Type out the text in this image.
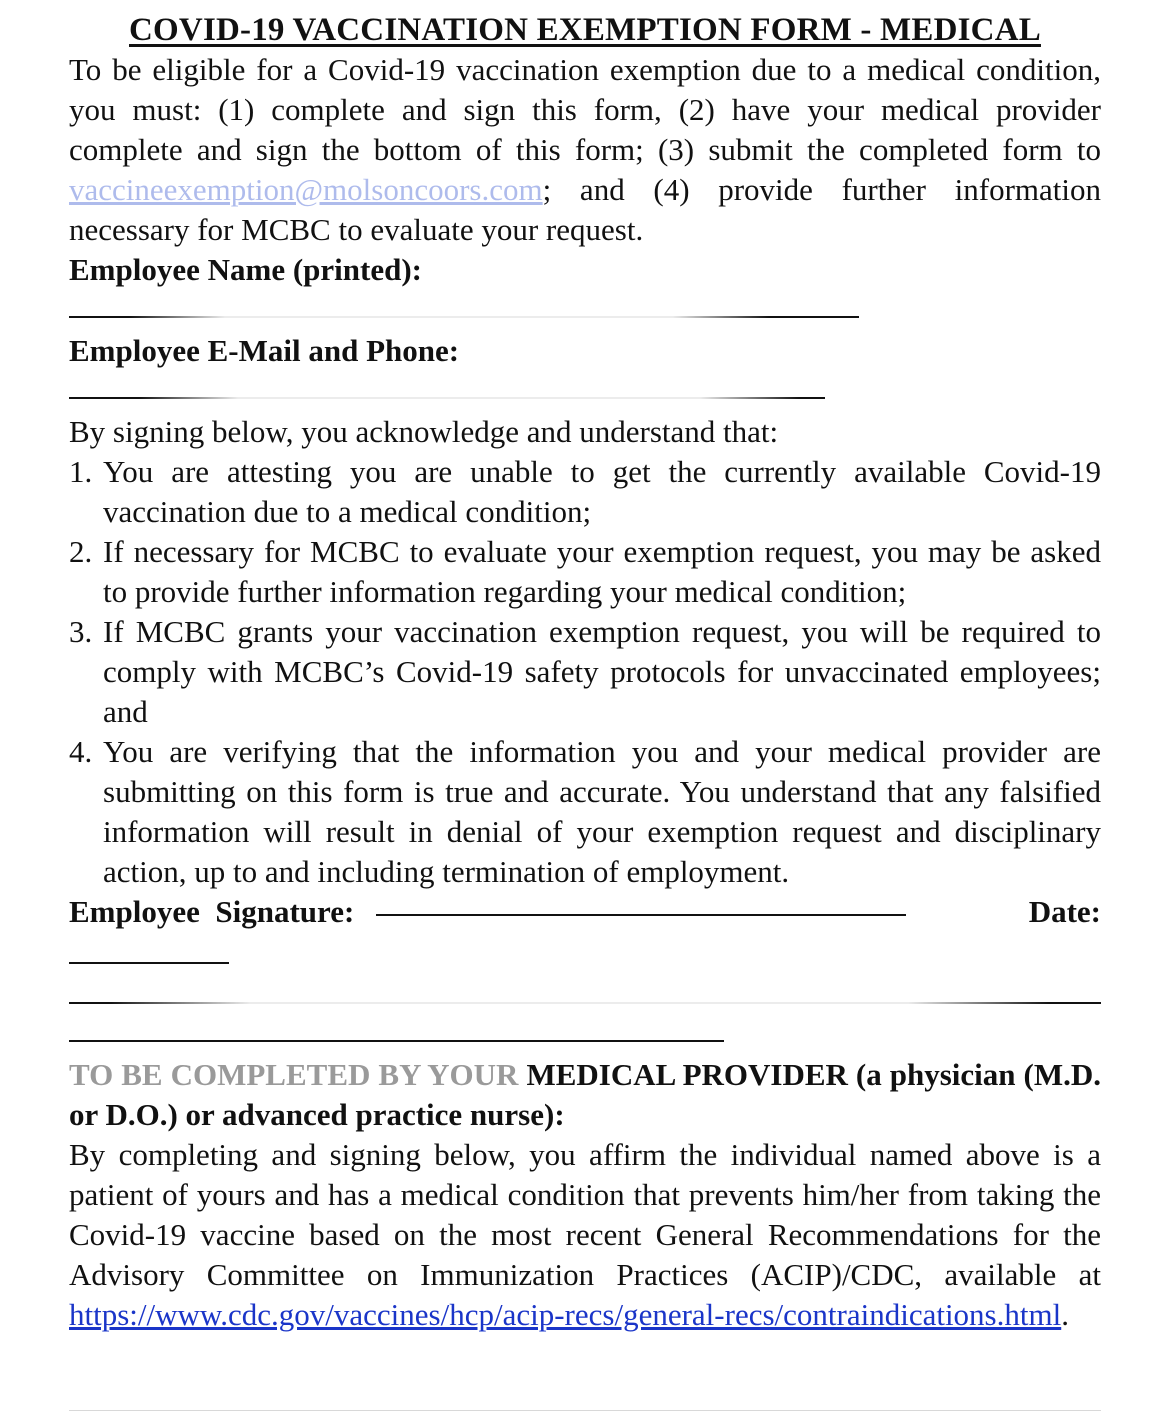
COVID-19 VACCINATION EXEMPTION FORM - MEDICAL
To be eligible for a Covid-19 vaccination exemption due to a medical condition, you must: (1) complete and sign this form, (2) have your medical provider complete and sign the bottom of this form; (3) submit the completed form to vaccineexemption@molsoncoors.com; and (4) provide further information necessary for MCBC to evaluate your request.
Employee Name (printed):
Employee E-Mail and Phone:
By signing below, you acknowledge and understand that:
1. You are attesting you are unable to get the currently available Covid-19 vaccination due to a medical condition;
2. If necessary for MCBC to evaluate your exemption request, you may be asked to provide further information regarding your medical condition;
3. If MCBC grants your vaccination exemption request, you will be required to comply with MCBC’s Covid-19 safety protocols for unvaccinated employees; and
4. You are verifying that the information you and your medical provider are submitting on this form is true and accurate. You understand that any falsified information will result in denial of your exemption request and disciplinary action, up to and including termination of employment.
Employee  Signature:	Date:
TO BE COMPLETED BY YOUR MEDICAL PROVIDER (a physician (M.D. or D.O.) or advanced practice nurse):
By completing and signing below, you affirm the individual named above is a patient of yours and has a medical condition that prevents him/her from taking the Covid-19 vaccine based on the most recent General Recommendations for the Advisory Committee on Immunization Practices (ACIP)/CDC, available at https://www.cdc.gov/vaccines/hcp/acip-recs/general-recs/contraindications.html.
